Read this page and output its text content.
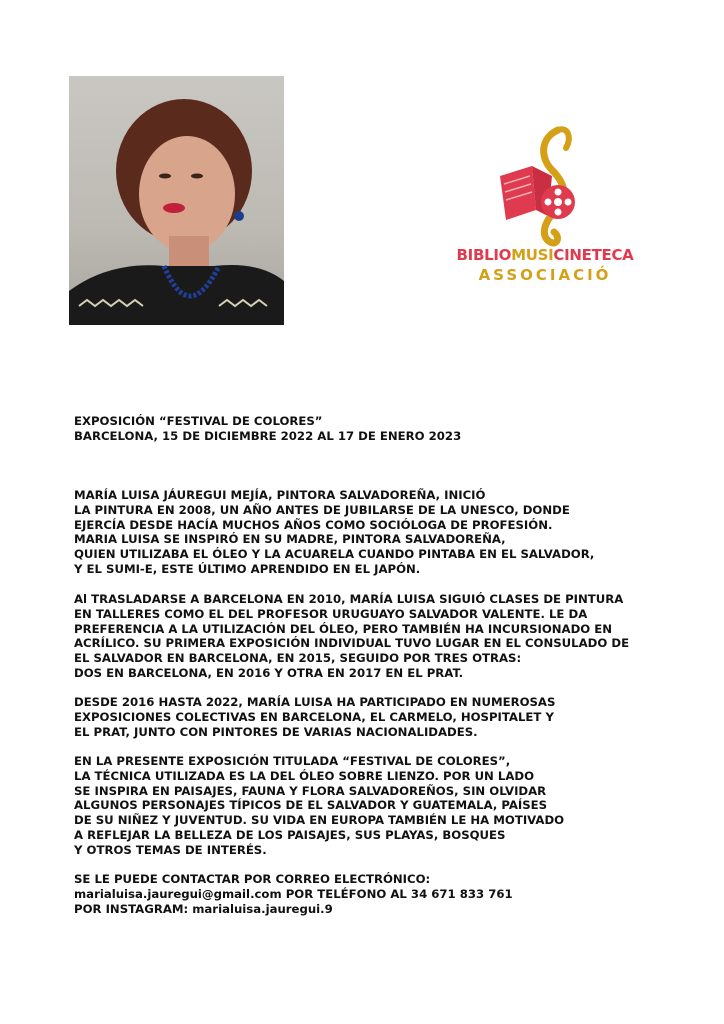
BIBLIOMUSICINETECA
ASSOCIACIÓ
EXPOSICIÓN “FESTIVAL DE COLORES”
BARCELONA, 15 DE DICIEMBRE 2022 AL 17 DE ENERO 2023
MARÍA LUISA JÁUREGUI MEJÍA, PINTORA SALVADOREÑA, INICIÓ
LA PINTURA EN 2008, UN AÑO ANTES DE JUBILARSE DE LA UNESCO, DONDE
EJERCÍA DESDE HACÍA MUCHOS AÑOS COMO SOCIÓLOGA DE PROFESIÓN.
MARIA LUISA SE INSPIRÓ EN SU MADRE, PINTORA SALVADOREÑA,
QUIEN UTILIZABA EL ÓLEO Y LA ACUARELA CUANDO PINTABA EN EL SALVADOR,
Y EL SUMI-E, ESTE ÚLTIMO APRENDIDO EN EL JAPÓN.
Al TRASLADARSE A BARCELONA EN 2010, MARÍA LUISA SIGUIÓ CLASES DE PINTURA
EN TALLERES COMO EL DEL PROFESOR URUGUAYO SALVADOR VALENTE. LE DA
PREFERENCIA A LA UTILIZACIÓN DEL ÓLEO, PERO TAMBIÉN HA INCURSIONADO EN
ACRÍLICO. SU PRIMERA EXPOSICIÓN INDIVIDUAL TUVO LUGAR EN EL CONSULADO DE
EL SALVADOR EN BARCELONA, EN 2015, SEGUIDO POR TRES OTRAS:
DOS EN BARCELONA, EN 2016 Y OTRA EN 2017 EN EL PRAT.
DESDE 2016 HASTA 2022, MARÍA LUISA HA PARTICIPADO EN NUMEROSAS
EXPOSICIONES COLECTIVAS EN BARCELONA, EL CARMELO, HOSPITALET Y
EL PRAT, JUNTO CON PINTORES DE VARIAS NACIONALIDADES.
EN LA PRESENTE EXPOSICIÓN TITULADA “FESTIVAL DE COLORES”,
LA TÉCNICA UTILIZADA ES LA DEL ÓLEO SOBRE LIENZO. POR UN LADO
SE INSPIRA EN PAISAJES, FAUNA Y FLORA SALVADOREÑOS, SIN OLVIDAR
ALGUNOS PERSONAJES TÍPICOS DE EL SALVADOR Y GUATEMALA, PAÍSES
DE SU NIÑEZ Y JUVENTUD. SU VIDA EN EUROPA TAMBIÉN LE HA MOTIVADO
A REFLEJAR LA BELLEZA DE LOS PAISAJES, SUS PLAYAS, BOSQUES
Y OTROS TEMAS DE INTERÉS.
SE LE PUEDE CONTACTAR POR CORREO ELECTRÓNICO:
marialuisa.jauregui@gmail.com POR TELÉFONO AL 34 671 833 761
POR INSTAGRAM: marialuisa.jauregui.9
